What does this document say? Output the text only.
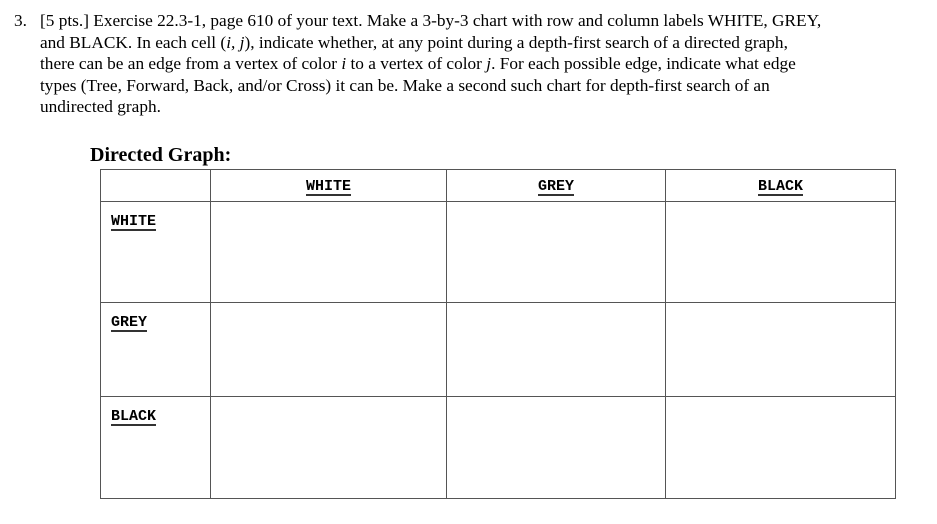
3. [5 pts.] Exercise 22.3-1, page 610 of your text. Make a 3-by-3 chart with row and column labels WHITE, GREY,
and BLACK. In each cell (i, j), indicate whether, at any point during a depth-first search of a directed graph,
there can be an edge from a vertex of color i to a vertex of color j. For each possible edge, indicate what edge
types (Tree, Forward, Back, and/or Cross) it can be. Make a second such chart for depth-first search of an
undirected graph.
Directed Graph:
	WHITE	GREY	BLACK
WHITE			
GREY			
BLACK			
